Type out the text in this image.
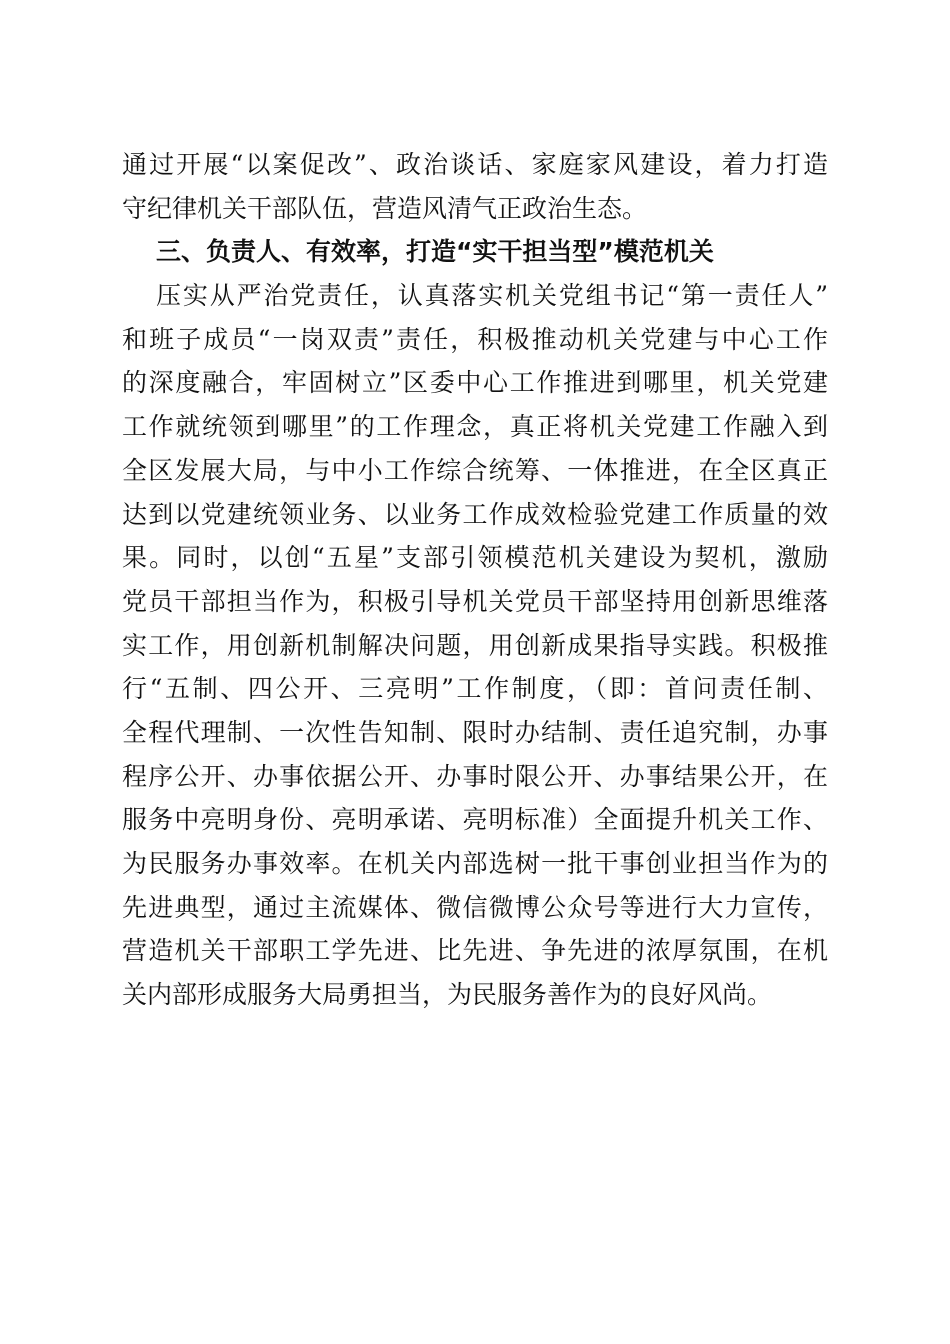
通过开展“以案促改”、政治谈话、家庭家风建设，着力打造
守纪律机关干部队伍，营造风清气正政治生态。
三、负责人、有效率，打造“实干担当型”模范机关
压实从严治党责任，认真落实机关党组书记“第一责任人”
和班子成员“一岗双责”责任，积极推动机关党建与中心工作
的深度融合，牢固树立”区委中心工作推进到哪里，机关党建
工作就统领到哪里”的工作理念，真正将机关党建工作融入到
全区发展大局，与中小工作综合统筹、一体推进，在全区真正
达到以党建统领业务、以业务工作成效检验党建工作质量的效
果。同时，以创“五星”支部引领模范机关建设为契机，激励
党员干部担当作为，积极引导机关党员干部坚持用创新思维落
实工作，用创新机制解决问题，用创新成果指导实践。积极推
行“五制、四公开、三亮明”工作制度，（即：首问责任制、
全程代理制、一次性告知制、限时办结制、责任追究制，办事
程序公开、办事依据公开、办事时限公开、办事结果公开，在
服务中亮明身份、亮明承诺、亮明标准）全面提升机关工作、
为民服务办事效率。在机关内部选树一批干事创业担当作为的
先进典型，通过主流媒体、微信微博公众号等进行大力宣传，
营造机关干部职工学先进、比先进、争先进的浓厚氛围，在机
关内部形成服务大局勇担当，为民服务善作为的良好风尚。
